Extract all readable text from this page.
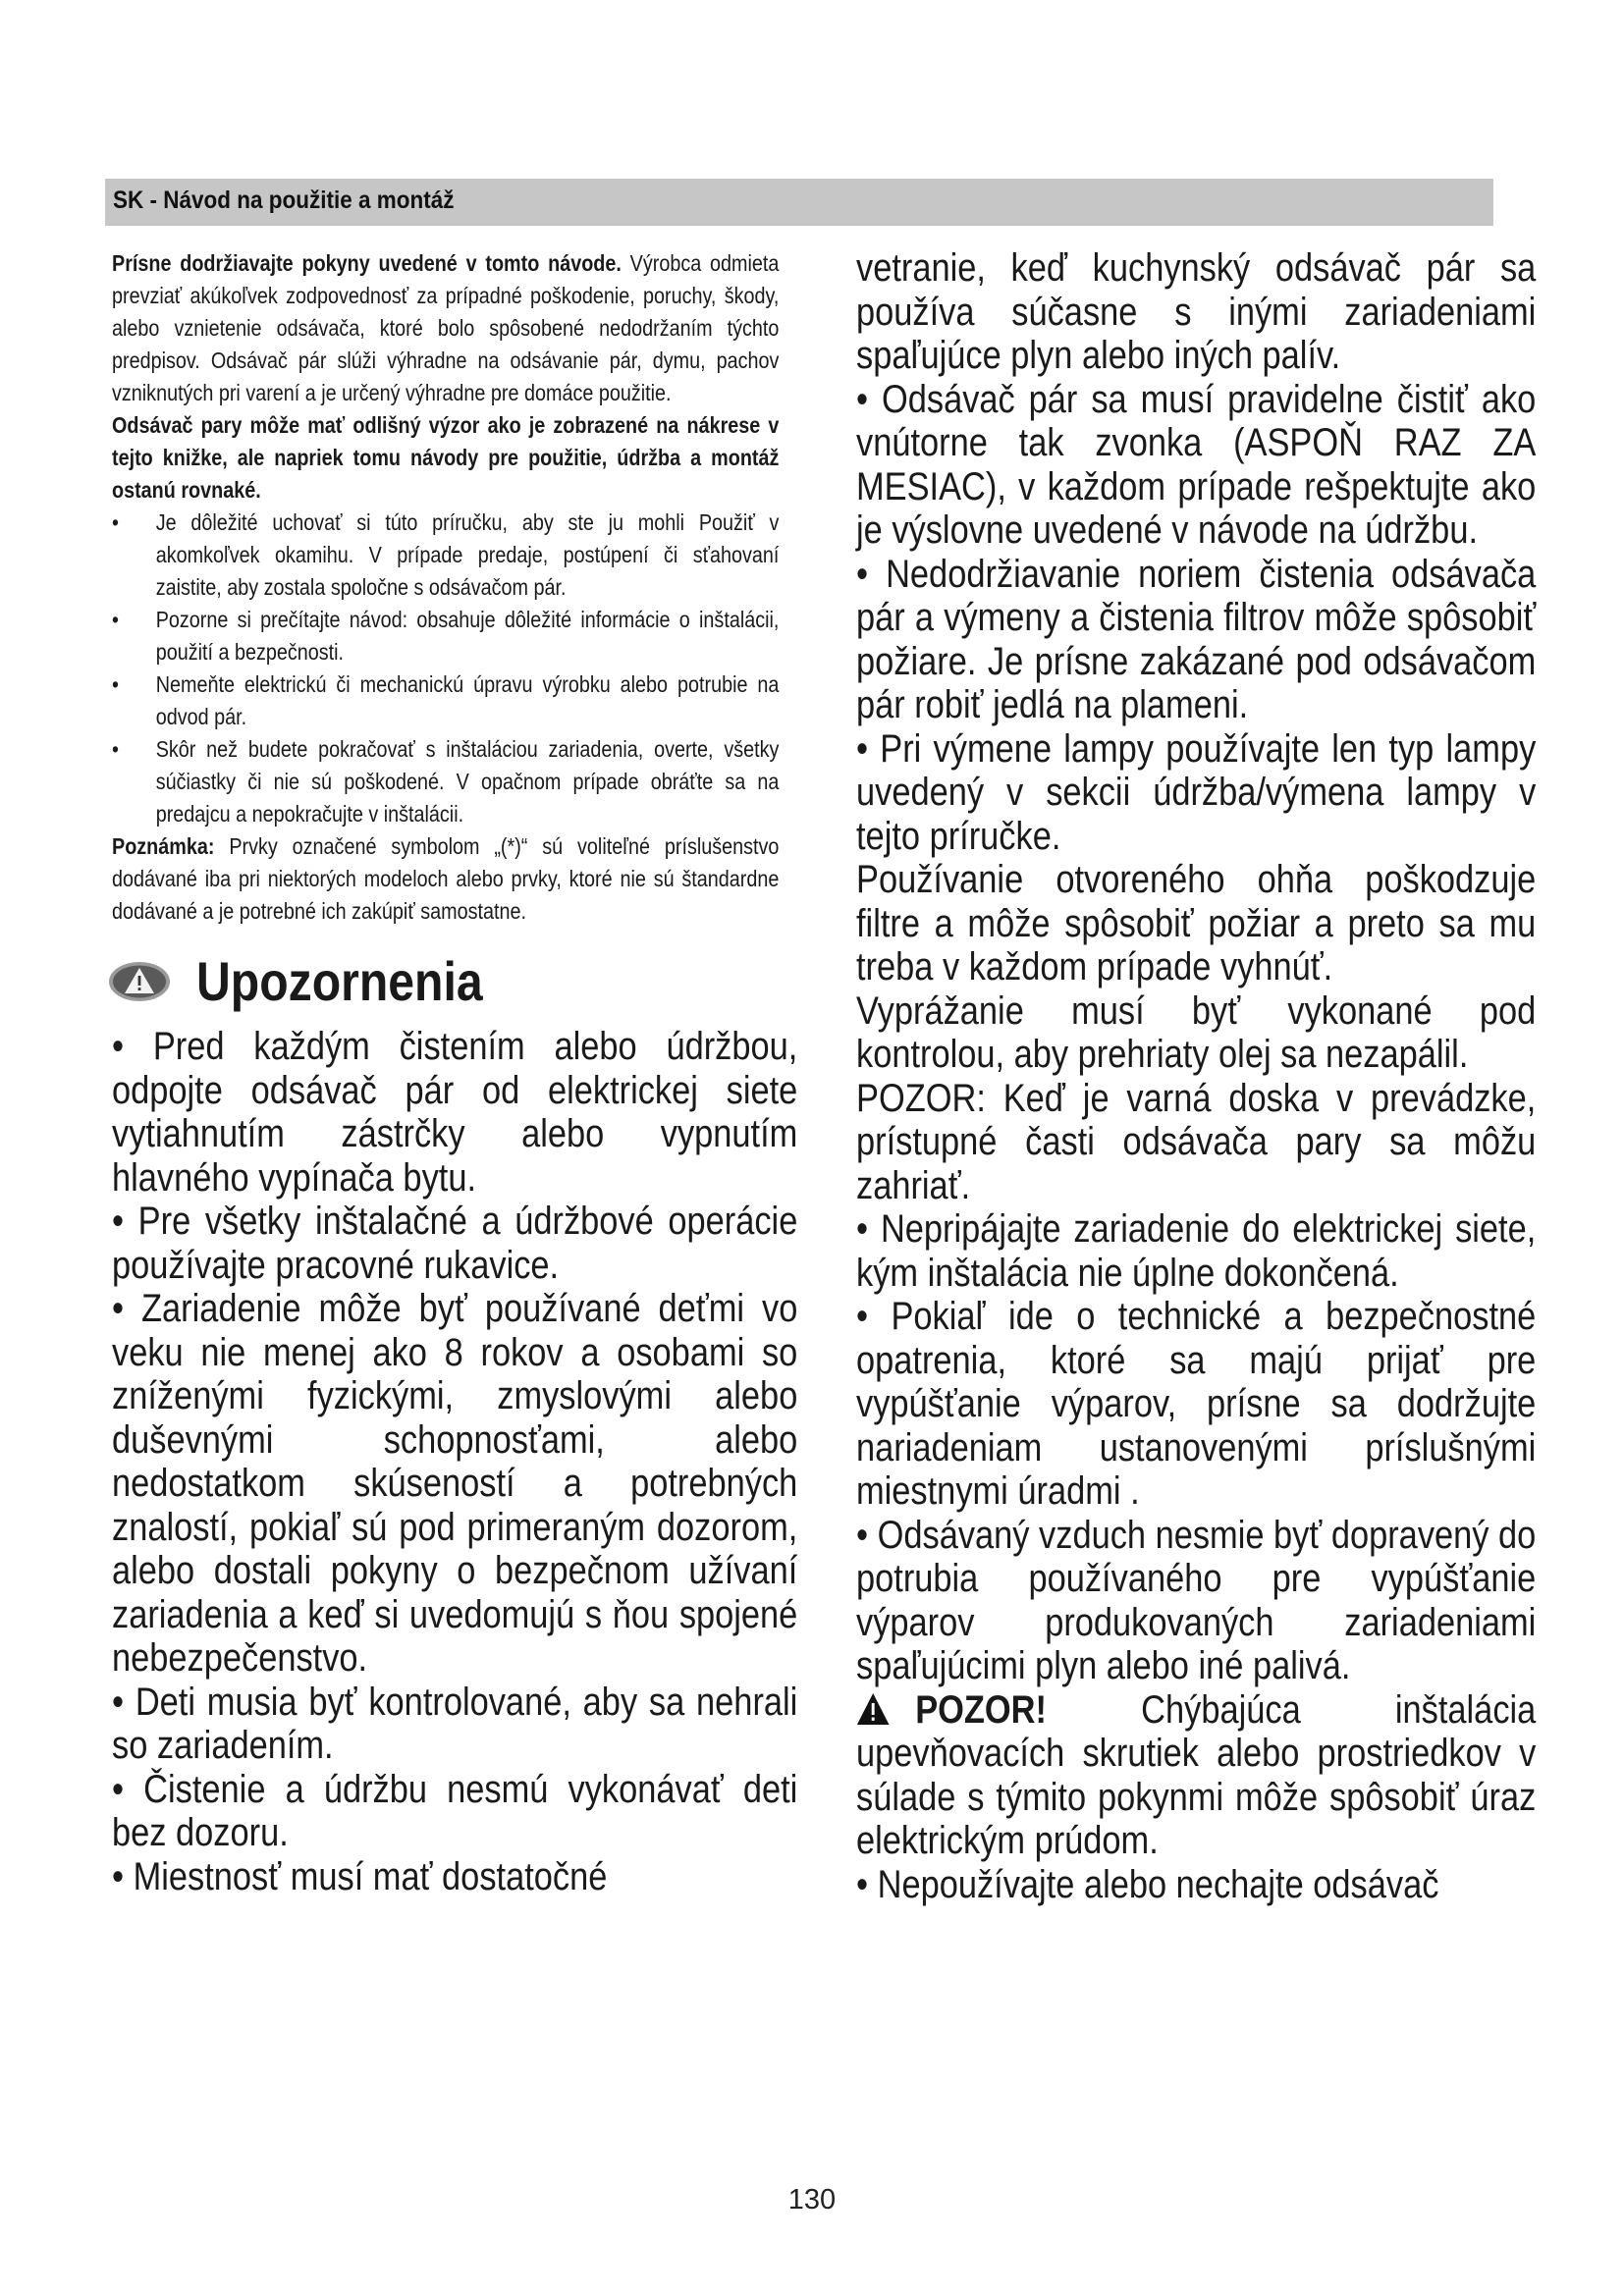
SK - Návod na použitie a montáž

Prísne dodržiavajte pokyny uvedené v tomto návode. Výrobca odmieta prevziať akúkoľvek zodpovednosť za prípadné poškodenie, poruchy, škody, alebo vznietenie odsávača, ktoré bolo spôsobené nedodržaním týchto predpisov. Odsávač pár slúži výhradne na odsávanie pár, dymu, pachov vzniknutých pri varení a je určený výhradne pre domáce použitie.

Odsávač pary môže mať odlišný výzor ako je zobrazené na nákrese v tejto knižke, ale napriek tomu návody pre použitie, údržba a montáž ostanú rovnaké.

• Je dôležité uchovať si túto príručku, aby ste ju mohli Použiť v akomkoľvek okamihu. V prípade predaje, postúpení či sťahovaní zaistite, aby zostala spoločne s odsávačom pár.
• Pozorne si prečítajte návod: obsahuje dôležité informácie o inštalácii, použití a bezpečnosti.
• Nemeňte elektrickú či mechanickú úpravu výrobku alebo potrubie na odvod pár.
• Skôr než budete pokračovať s inštaláciou zariadenia, overte, všetky súčiastky či nie sú poškodené. V opačnom prípade obráťte sa na predajcu a nepokračujte v inštalácii.

Poznámka: Prvky označené symbolom „(*)“ sú voliteľné príslušenstvo dodávané iba pri niektorých modeloch alebo prvky, ktoré nie sú štandardne dodávané a je potrebné ich zakúpiť samostatne.

Upozornenia

• Pred každým čistením alebo údržbou, odpojte odsávač pár od elektrickej siete vytiahnutím zástrčky alebo vypnutím hlavného vypínača bytu.

• Pre všetky inštalačné a údržbové operácie používajte pracovné rukavice.

• Zariadenie môže byť používané deťmi vo veku nie menej ako 8 rokov a osobami so zníženými fyzickými, zmyslovými alebo duševnými schopnosťami, alebo nedostatkom skúseností a potrebných znalostí, pokiaľ sú pod primeraným dozorom, alebo dostali pokyny o bezpečnom užívaní zariadenia a keď si uvedomujú s ňou spojené nebezpečenstvo.

• Deti musia byť kontrolované, aby sa nehrali so zariadením.

• Čistenie a údržbu nesmú vykonávať deti bez dozoru.

• Miestnosť musí mať dostatočné

vetranie, keď kuchynský odsávač pár sa používa súčasne s inými zariadeniami spaľujúce plyn alebo iných palív.

• Odsávač pár sa musí pravidelne čistiť ako vnútorne tak zvonka (ASPOŇ RAZ ZA MESIAC), v každom prípade rešpektujte ako je výslovne uvedené v návode na údržbu.

• Nedodržiavanie noriem čistenia odsávača pár a výmeny a čistenia filtrov môže spôsobiť požiare. Je prísne zakázané pod odsávačom pár robiť jedlá na plameni.

• Pri výmene lampy používajte len typ lampy uvedený v sekcii údržba/výmena lampy v tejto príručke.

Používanie otvoreného ohňa poškodzuje filtre a môže spôsobiť požiar a preto sa mu treba v každom prípade vyhnúť.

Vyprážanie musí byť vykonané pod kontrolou, aby prehriaty olej sa nezapálil.

POZOR: Keď je varná doska v prevádzke, prístupné časti odsávača pary sa môžu zahriať.

• Nepripájajte zariadenie do elektrickej siete, kým inštalácia nie úplne dokončená.

• Pokiaľ ide o technické a bezpečnostné opatrenia, ktoré sa majú prijať pre vypúšťanie výparov, prísne sa dodržujte nariadeniam ustanovenými príslušnými miestnymi úradmi .

• Odsávaný vzduch nesmie byť dopravený do potrubia používaného pre vypúšťanie výparov produkovaných zariadeniami spaľujúcimi plyn alebo iné palivá.

POZOR! Chýbajúca inštalácia upevňovacích skrutiek alebo prostriedkov v súlade s týmito pokynmi môže spôsobiť úraz elektrickým prúdom.

• Nepoužívajte alebo nechajte odsávač

130
